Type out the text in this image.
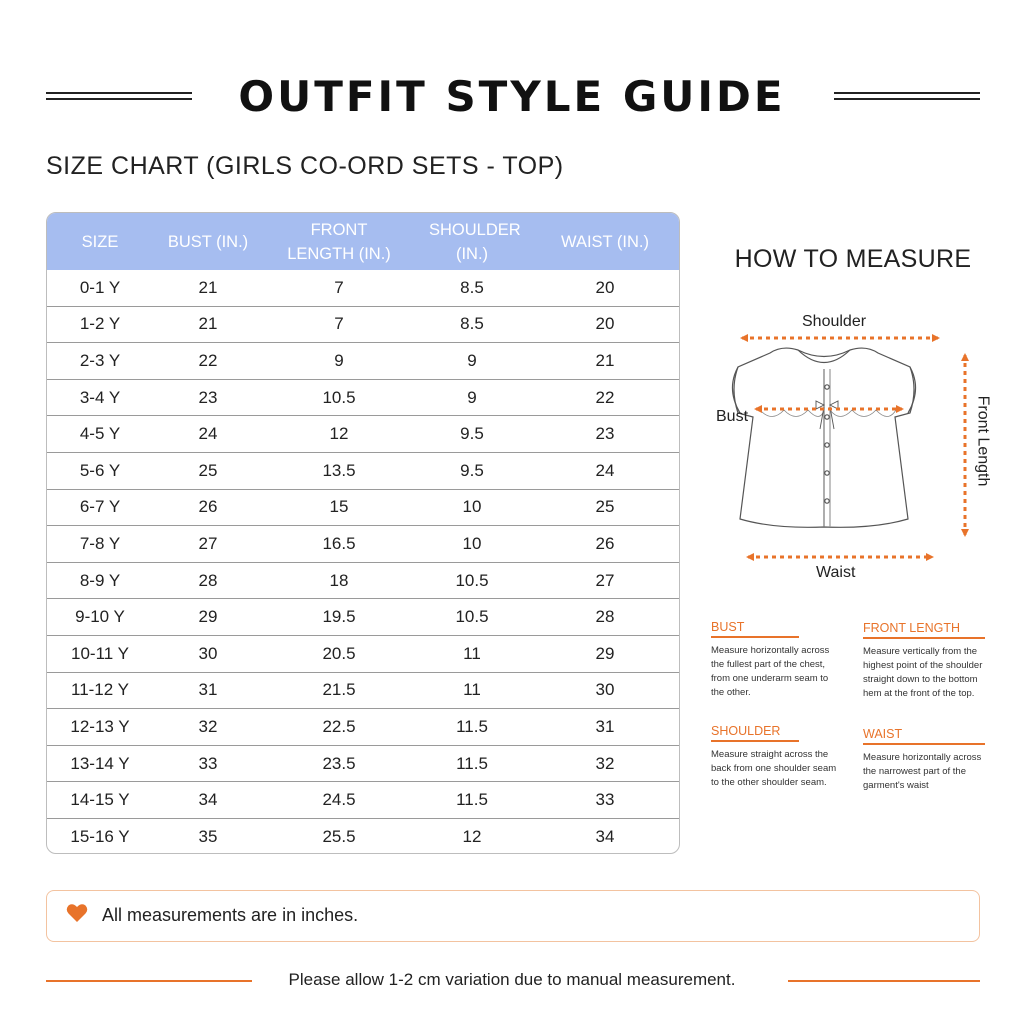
OUTFIT STYLE GUIDE
SIZE CHART (GIRLS CO-ORD SETS - TOP)
SIZE	BUST (IN.)	FRONT LENGTH (IN.)	SHOULDER (IN.)	WAIST (IN.)
0-1 Y	21	7	8.5	20
1-2 Y	21	7	8.5	20
2-3 Y	22	9	9	21
3-4 Y	23	10.5	9	22
4-5 Y	24	12	9.5	23
5-6 Y	25	13.5	9.5	24
6-7 Y	26	15	10	25
7-8 Y	27	16.5	10	26
8-9 Y	28	18	10.5	27
9-10 Y	29	19.5	10.5	28
10-11 Y	30	20.5	11	29
11-12 Y	31	21.5	11	30
12-13 Y	32	22.5	11.5	31
13-14 Y	33	23.5	11.5	32
14-15 Y	34	24.5	11.5	33
15-16 Y	35	25.5	12	34
HOW TO MEASURE
Shoulder
Bust	Front Length
Waist
BUST
Measure horizontally across the fullest part of the chest, from one underarm seam to the other.
FRONT LENGTH
Measure vertically from the highest point of the shoulder straight down to the bottom hem at the front of the top.
SHOULDER
Measure straight across the back from one shoulder seam to the other shoulder seam.
WAIST
Measure horizontally across the narrowest part of the garment's waist
All measurements are in inches.
Please allow 1-2 cm variation due to manual measurement.
